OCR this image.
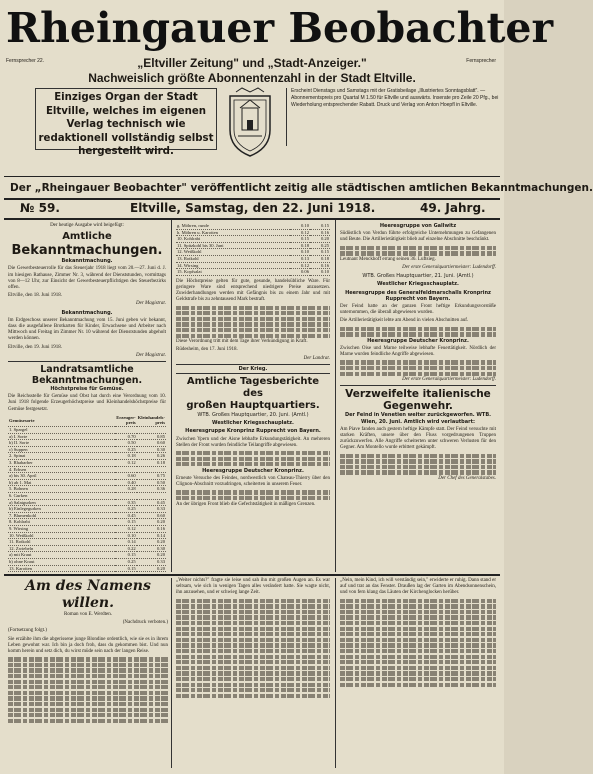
Rheingauer Beobachter
Fernsprecher 22.	Fernsprecher
„Eltviller Zeitung" und „Stadt-Anzeiger."
Nachweislich größte Abonnentenzahl in der Stadt Eltville.
Einziges Organ der Stadt Eltville, welches im eigenen Verlag technisch wie redaktionell vollständig selbst hergestellt wird.
Erscheint Dienstags und Samstags mit der Gratisbeilage „Illustriertes Sonntagsblatt". — Abonnementspreis pro Quartal M 1.50 für Eltville und auswärts. Inserate pro Zeile 20 Pfg., bei Wiederholung entsprechender Rabatt. Druck und Verlag von Anton Hoepfl in Eltville.
Der „Rheingauer Beobachter" veröffentlicht zeitig alle städtischen amtlichen Bekanntmachungen.
№ 59.	Eltville, Samstag, den 22. Juni 1918.	49. Jahrg.

Der heutige Ausgabe wird beigefügt:

Amtliche
Bekanntmachungen.

Bekanntmachung.

Die Gewerbesteuerrolle für das Steuerjahr 1918 liegt vom 20.—27. Juni d. J. im hiesigen Rathause, Zimmer Nr. 3, während der Dienststunden, vormittags von 8—12 Uhr, zur Einsicht der Gewerbesteuerpflichtigen des Steuerbezirks offen.

Eltville, den 18. Juni 1918.

Der Magistrat.

Bekanntmachung.

Im Erdgeschoss unserer Bekanntmachung vom 15. Juni geben wir bekannt, dass die ausgefallene Brotkarten für Kinder, Erwachsene und Arbeiter nach Mittwoch und Freitag im Zimmer Nr. 10 während der Dienststunden abgeholt werden können.

Eltville, den 19. Juni 1918.

Der Magistrat.

Landratsamtliche Bekanntmachungen.

Höchstpreise für Gemüse.

Die Reichsstelle für Gemüse und Obst hat durch eine Verordnung vom 10. Juni 1918 folgende Erzeugerhöchstpreise und Kleinhandelshöchstpreise für Gemüse festgesetzt.

Gemüsesorte	Erzeuger-preis	Kleinhandels-preis
1. Spargel		
a) I. Sorte	0.70	0.85
b) II. Sorte	0.50	0.60
c) Suppen	0.25	0.30
2. Spinat	0.18	0.26
3. Rhabarber	0.12	0.18
4. Erbsen		
a) bis 30. April	0.60	0.75
b) ab 1. Mai	0.40	0.50
5. Bohnen	0.28	0.36
6. Gurken		
a) Salatgurken	0.35	0.45
b) Einlegegurken	0.25	0.33
7. Blumenkohl	0.45	0.60
8. Kohlrabi	0.15	0.20
9. Wirsing	0.12	0.16
10. Weißkohl	0.10	0.14
11. Rotkohl	0.14	0.20
12. Zwiebeln	0.22	0.30
a) mit Kraut	0.15	0.20
b) ohne Kraut	0.25	0.33
13. Karotten	0.15	0.20
g. Möhren, runde	0.10	0.15
h. Möhren u. Karotten	0.12	0.16
10. Kohlrabi	0.15	0.20
11. Spitzkohl bis 30. Juni	0.18	0.25
12. Weißkohl	0.10	0.15
13. Rotkohl	0.13	0.18
14. Wirsing	0.12	0.16
15. Kopfsalat	0.06	0.10

Die Höchstpreise gelten für gute, gesunde, handelsübliche Ware. Für geringere Ware sind entsprechend niedrigere Preise anzusetzen. Zuwiderhandlungen werden mit Gefängnis bis zu einem Jahr und mit Geldstrafe bis zu zehntausend Mark bestraft.

Diese Verordnung tritt mit dem Tage ihrer Verkündigung in Kraft.

Rüdesheim, den 17. Juni 1918.

Der Landrat.

Der Krieg.
Amtliche Tagesberichte des
großen Hauptquartiers.

WTB. Großes Hauptquartier, 20. Juni. (Amtl.)

Westlicher Kriegsschauplatz.

Heeresgruppe Kronprinz Rupprecht von Bayern.

Zwischen Ypern und der Aisne lebhafte Erkundungstätigkeit. An mehreren Stellen der Front wurden feindliche Teilangriffe abgewiesen.

Heeresgruppe Deutscher Kronprinz.

Erneute Versuche des Feindes, nordwestlich von Chateau-Thierry über den Clignon-Abschnitt vorzudringen, scheiterten in unserem Feuer.

An der übrigen Front blieb die Gefechtstätigkeit in mäßigen Grenzen.

Heeresgruppe von Gallwitz

Südöstlich von Verdun führte erfolgreiche Unternehmungen zu Gefangenen und Beute. Die Artillerietätigkeit blieb auf einzelne Abschnitte beschränkt.

Leutnant Menckhoff errang seinen 36. Luftsieg.

Der erste Generalquartiermeister: Ludendorff.

WTB. Großes Hauptquartier, 21. Juni. (Amtl.)

Westlicher Kriegsschauplatz.

Heeresgruppe des Generalfeldmarschalls Kronprinz Rupprecht von Bayern.

Der Feind hatte an der ganzen Front heftige Erkundungsvorstöße unternommen, die überall abgewiesen wurden.

Die Artillerietätigkeit lebte am Abend in vielen Abschnitten auf.

Heeresgruppe Deutscher Kronprinz.

Zwischen Oise und Marne teilweise lebhafte Feuertätigkeit. Nördlich der Marne wurden feindliche Angriffe abgewiesen.

Der erste Generalquartiermeister: Ludendorff.

Verzweifelte italienische Gegenwehr.

Der Feind in Venetien weiter zurückgeworfen. WTB. Wien, 20. Juni. Amtlich wird verlautbart:

Am Piave fanden auch gestern heftige Kämpfe statt. Der Feind versuchte mit starken Kräften, unsere über den Fluss vorgedrungenen Truppen zurückzuwerfen. Alle Angriffe scheiterten unter schweren Verlusten für den Gegner. Am Montello wurde erbittert gekämpft.

Der Chef des Generalstabes.

Am des Namens willen.

Roman von E. Werdten.

(Nachdruck verboten.)

(Fortsetzung folgt.)

Sie erzählte ihm die abgerissene junge Blondine ordentlich, wie sie es in ihrem Leben gewohnt war. Ich bin ja doch froh, dass du gekommen bist. Und nun komm herein und setz dich, du wirst müde sein nach der langen Reise.

„Weiter nichts?" fragte sie leise und sah ihn mit großen Augen an. Es war seltsam, wie sich in wenigen Tagen alles verändert hatte. Sie wagte nicht, ihn anzusehen, und er schwieg lange Zeit.

„Nein, mein Kind, ich will verständig sein," erwiderte er ruhig. Dann stand er auf und trat an das Fenster. Draußen lag der Garten im Abendsonnenschein, und von fern klang das Läuten der Kirchenglocken herüber.
